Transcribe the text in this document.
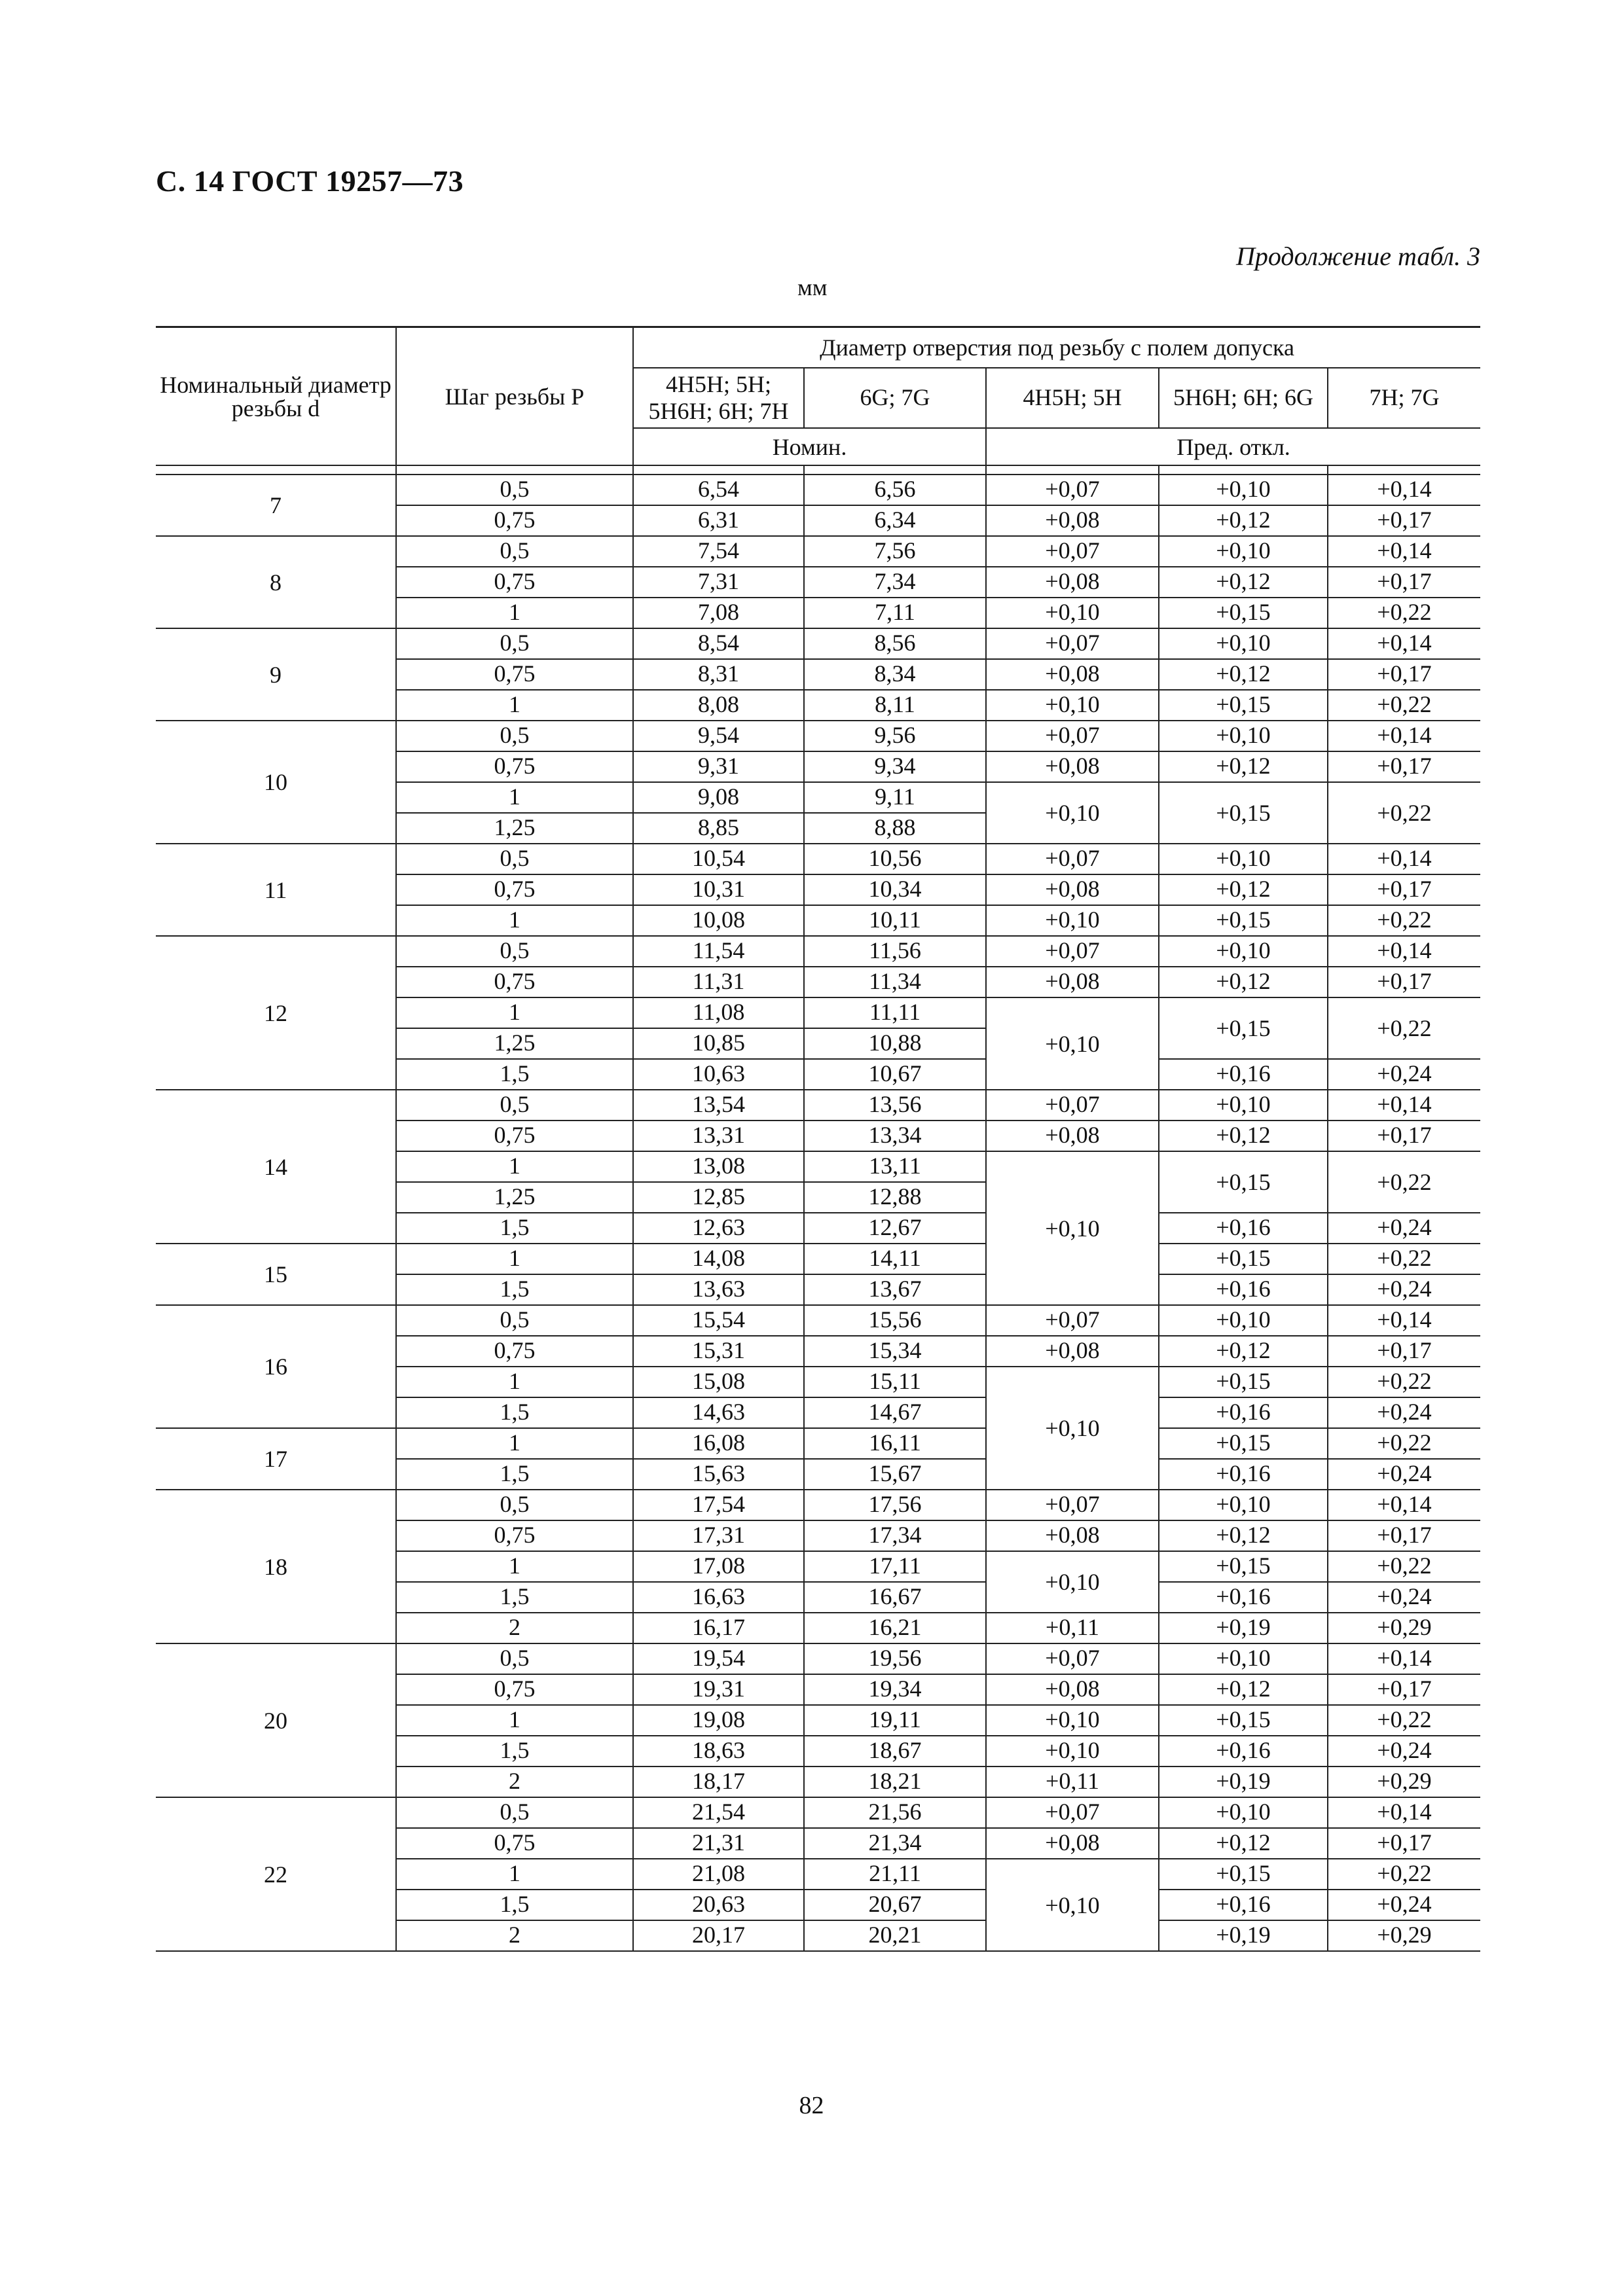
С. 14 ГОСТ 19257—73
Продолжение табл. 3
мм
Номинальный диаметр резьбы d	Шаг резьбы P	Диаметр отверстия под резьбу с полем допуска				
		4H5H; 5H; 5H6H; 6H; 7H	6G; 7G	4H5H; 5H	5H6H; 6H; 6G	7H; 7G
		Номин.		Пред. откл.		

7	0,5	6,54	6,56	+0,07	+0,10	+0,14
	0,75	6,31	6,34	+0,08	+0,12	+0,17
8	0,5	7,54	7,56	+0,07	+0,10	+0,14
	0,75	7,31	7,34	+0,08	+0,12	+0,17
	1	7,08	7,11	+0,10	+0,15	+0,22
9	0,5	8,54	8,56	+0,07	+0,10	+0,14
	0,75	8,31	8,34	+0,08	+0,12	+0,17
	1	8,08	8,11	+0,10	+0,15	+0,22
10	0,5	9,54	9,56	+0,07	+0,10	+0,14
	0,75	9,31	9,34	+0,08	+0,12	+0,17
	1	9,08	9,11	+0,10	+0,15	+0,22
	1,25	8,85	8,88			
11	0,5	10,54	10,56	+0,07	+0,10	+0,14
	0,75	10,31	10,34	+0,08	+0,12	+0,17
	1	10,08	10,11	+0,10	+0,15	+0,22
12	0,5	11,54	11,56	+0,07	+0,10	+0,14
	0,75	11,31	11,34	+0,08	+0,12	+0,17
	1	11,08	11,11	+0,10	+0,15	+0,22
	1,25	10,85	10,88			
	1,5	10,63	10,67		+0,16	+0,24
14	0,5	13,54	13,56	+0,07	+0,10	+0,14
	0,75	13,31	13,34	+0,08	+0,12	+0,17
	1	13,08	13,11	+0,10	+0,15	+0,22
	1,25	12,85	12,88			
	1,5	12,63	12,67		+0,16	+0,24
15	1	14,08	14,11		+0,15	+0,22
	1,5	13,63	13,67		+0,16	+0,24
16	0,5	15,54	15,56	+0,07	+0,10	+0,14
	0,75	15,31	15,34	+0,08	+0,12	+0,17
	1	15,08	15,11	+0,10	+0,15	+0,22
	1,5	14,63	14,67		+0,16	+0,24
17	1	16,08	16,11		+0,15	+0,22
	1,5	15,63	15,67		+0,16	+0,24
18	0,5	17,54	17,56	+0,07	+0,10	+0,14
	0,75	17,31	17,34	+0,08	+0,12	+0,17
	1	17,08	17,11	+0,10	+0,15	+0,22
	1,5	16,63	16,67		+0,16	+0,24
	2	16,17	16,21	+0,11	+0,19	+0,29
20	0,5	19,54	19,56	+0,07	+0,10	+0,14
	0,75	19,31	19,34	+0,08	+0,12	+0,17
	1	19,08	19,11	+0,10	+0,15	+0,22
	1,5	18,63	18,67	+0,10	+0,16	+0,24
	2	18,17	18,21	+0,11	+0,19	+0,29
22	0,5	21,54	21,56	+0,07	+0,10	+0,14
	0,75	21,31	21,34	+0,08	+0,12	+0,17
	1	21,08	21,11	+0,10	+0,15	+0,22
	1,5	20,63	20,67		+0,16	+0,24
	2	20,17	20,21		+0,19	+0,29
82
